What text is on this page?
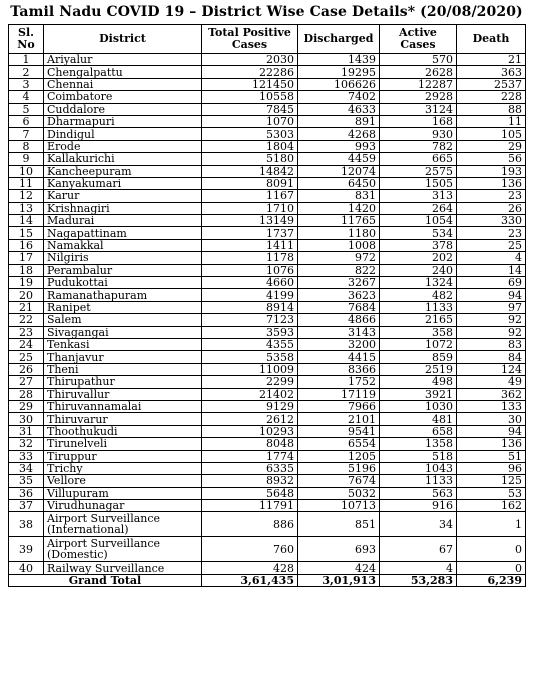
Tamil Nadu COVID 19 – District Wise Case Details* (20/08/2020)
Sl.
No	District	Total Positive Cases	Discharged	Active Cases	Death
1	Ariyalur	2030	1439	570	21
2	Chengalpattu	22286	19295	2628	363
3	Chennai	121450	106626	12287	2537
4	Coimbatore	10558	7402	2928	228
5	Cuddalore	7845	4633	3124	88
6	Dharmapuri	1070	891	168	11
7	Dindigul	5303	4268	930	105
8	Erode	1804	993	782	29
9	Kallakurichi	5180	4459	665	56
10	Kancheepuram	14842	12074	2575	193
11	Kanyakumari	8091	6450	1505	136
12	Karur	1167	831	313	23
13	Krishnagiri	1710	1420	264	26
14	Madurai	13149	11765	1054	330
15	Nagapattinam	1737	1180	534	23
16	Namakkal	1411	1008	378	25
17	Nilgiris	1178	972	202	4
18	Perambalur	1076	822	240	14
19	Pudukottai	4660	3267	1324	69
20	Ramanathapuram	4199	3623	482	94
21	Ranipet	8914	7684	1133	97
22	Salem	7123	4866	2165	92
23	Sivagangai	3593	3143	358	92
24	Tenkasi	4355	3200	1072	83
25	Thanjavur	5358	4415	859	84
26	Theni	11009	8366	2519	124
27	Thirupathur	2299	1752	498	49
28	Thiruvallur	21402	17119	3921	362
29	Thiruvannamalai	9129	7966	1030	133
30	Thiruvarur	2612	2101	481	30
31	Thoothukudi	10293	9541	658	94
32	Tirunelveli	8048	6554	1358	136
33	Tiruppur	1774	1205	518	51
34	Trichy	6335	5196	1043	96
35	Vellore	8932	7674	1133	125
36	Villupuram	5648	5032	563	53
37	Virudhunagar	11791	10713	916	162
38	Airport Surveillance (International)	886	851	34	1
39	Airport Surveillance (Domestic)	760	693	67	0
40	Railway Surveillance	428	424	4	0
Grand Total		3,61,435	3,01,913	53,283	6,239
